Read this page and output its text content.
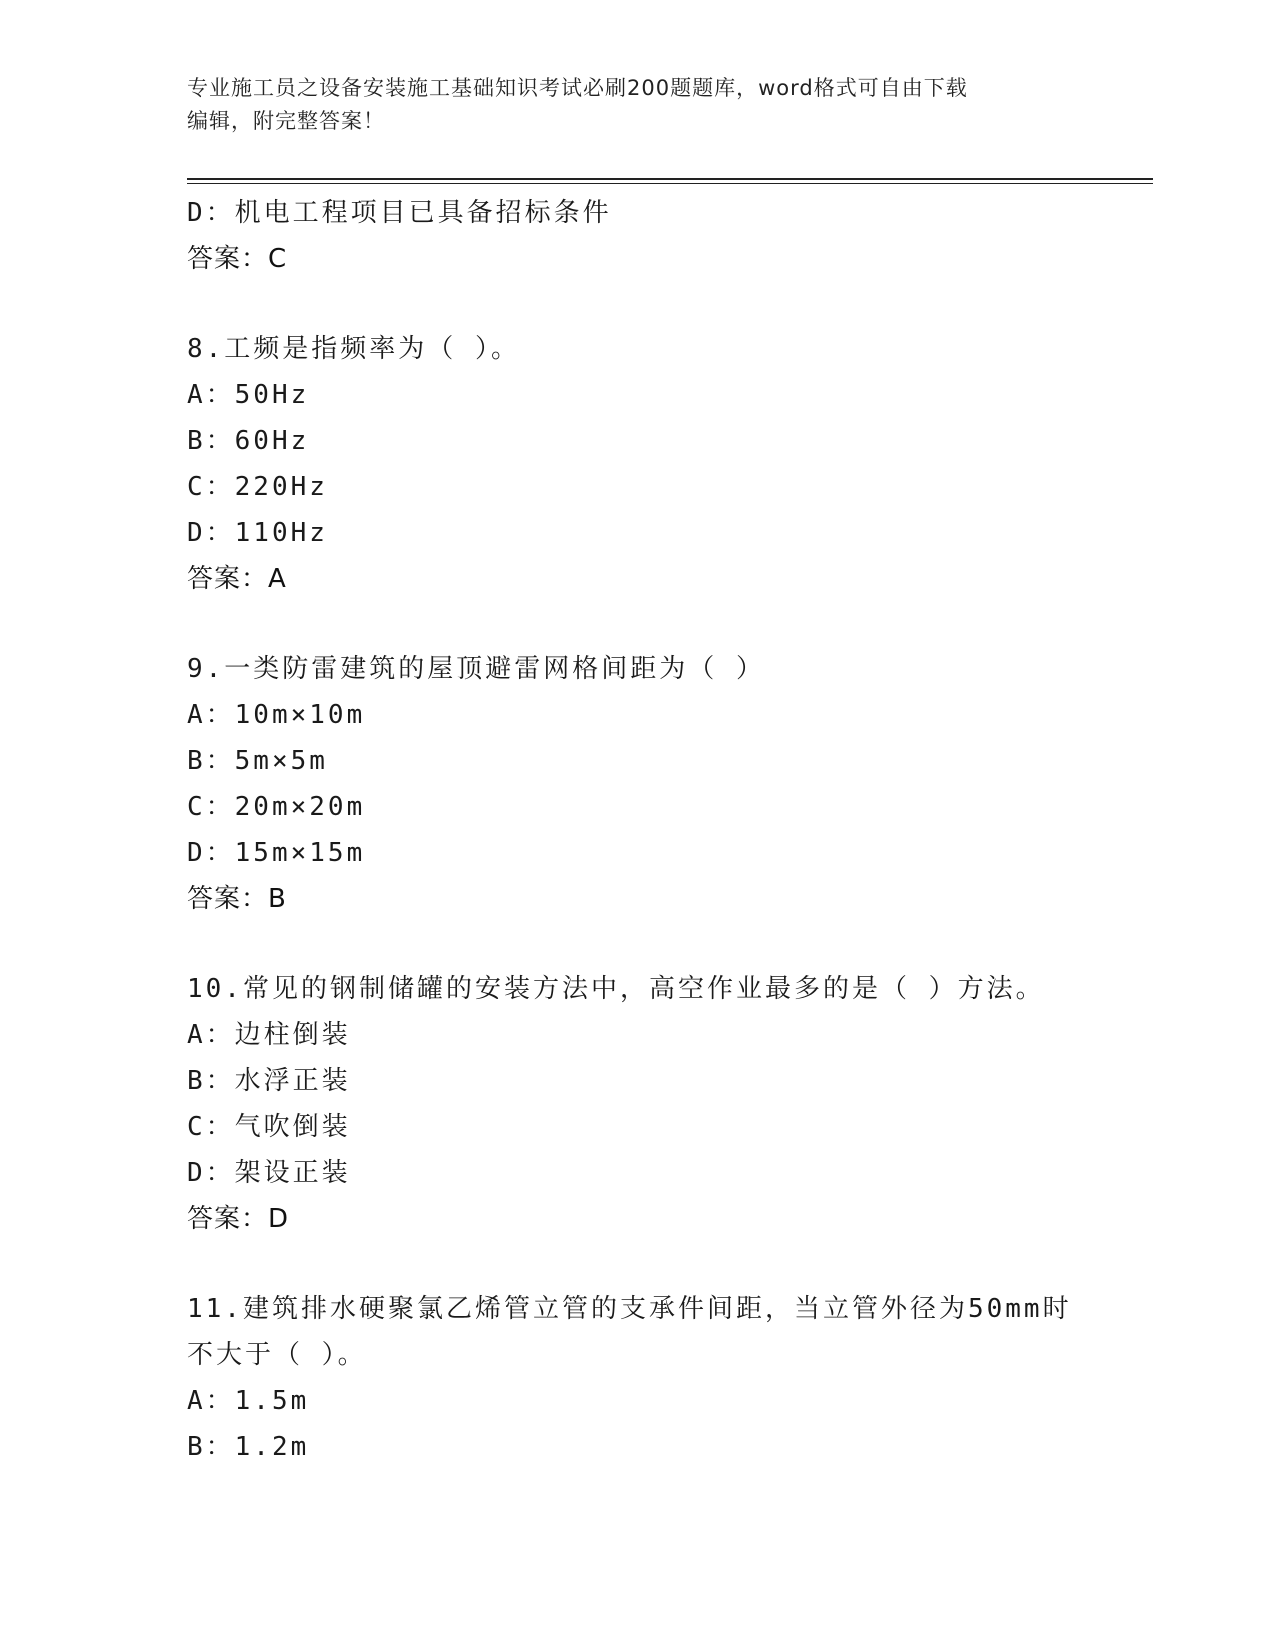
专业施工员之设备安装施工基础知识考试必刷200题题库，word格式可自由下载
编辑，附完整答案！
D：机电工程项目已具备招标条件
答案：C
8.工频是指频率为（ ）。
A：50Hz
B：60Hz
C：220Hz
D：110Hz
答案：A
9.一类防雷建筑的屋顶避雷网格间距为（ ）
A：10m×10m
B：5m×5m
C：20m×20m
D：15m×15m
答案：B
10.常见的钢制储罐的安装方法中，高空作业最多的是（ ）方法。
A：边柱倒装
B：水浮正装
C：气吹倒装
D：架设正装
答案：D
11.建筑排水硬聚氯乙烯管立管的支承件间距，当立管外径为50mm时
不大于（ ）。
A：1.5m
B：1.2m
